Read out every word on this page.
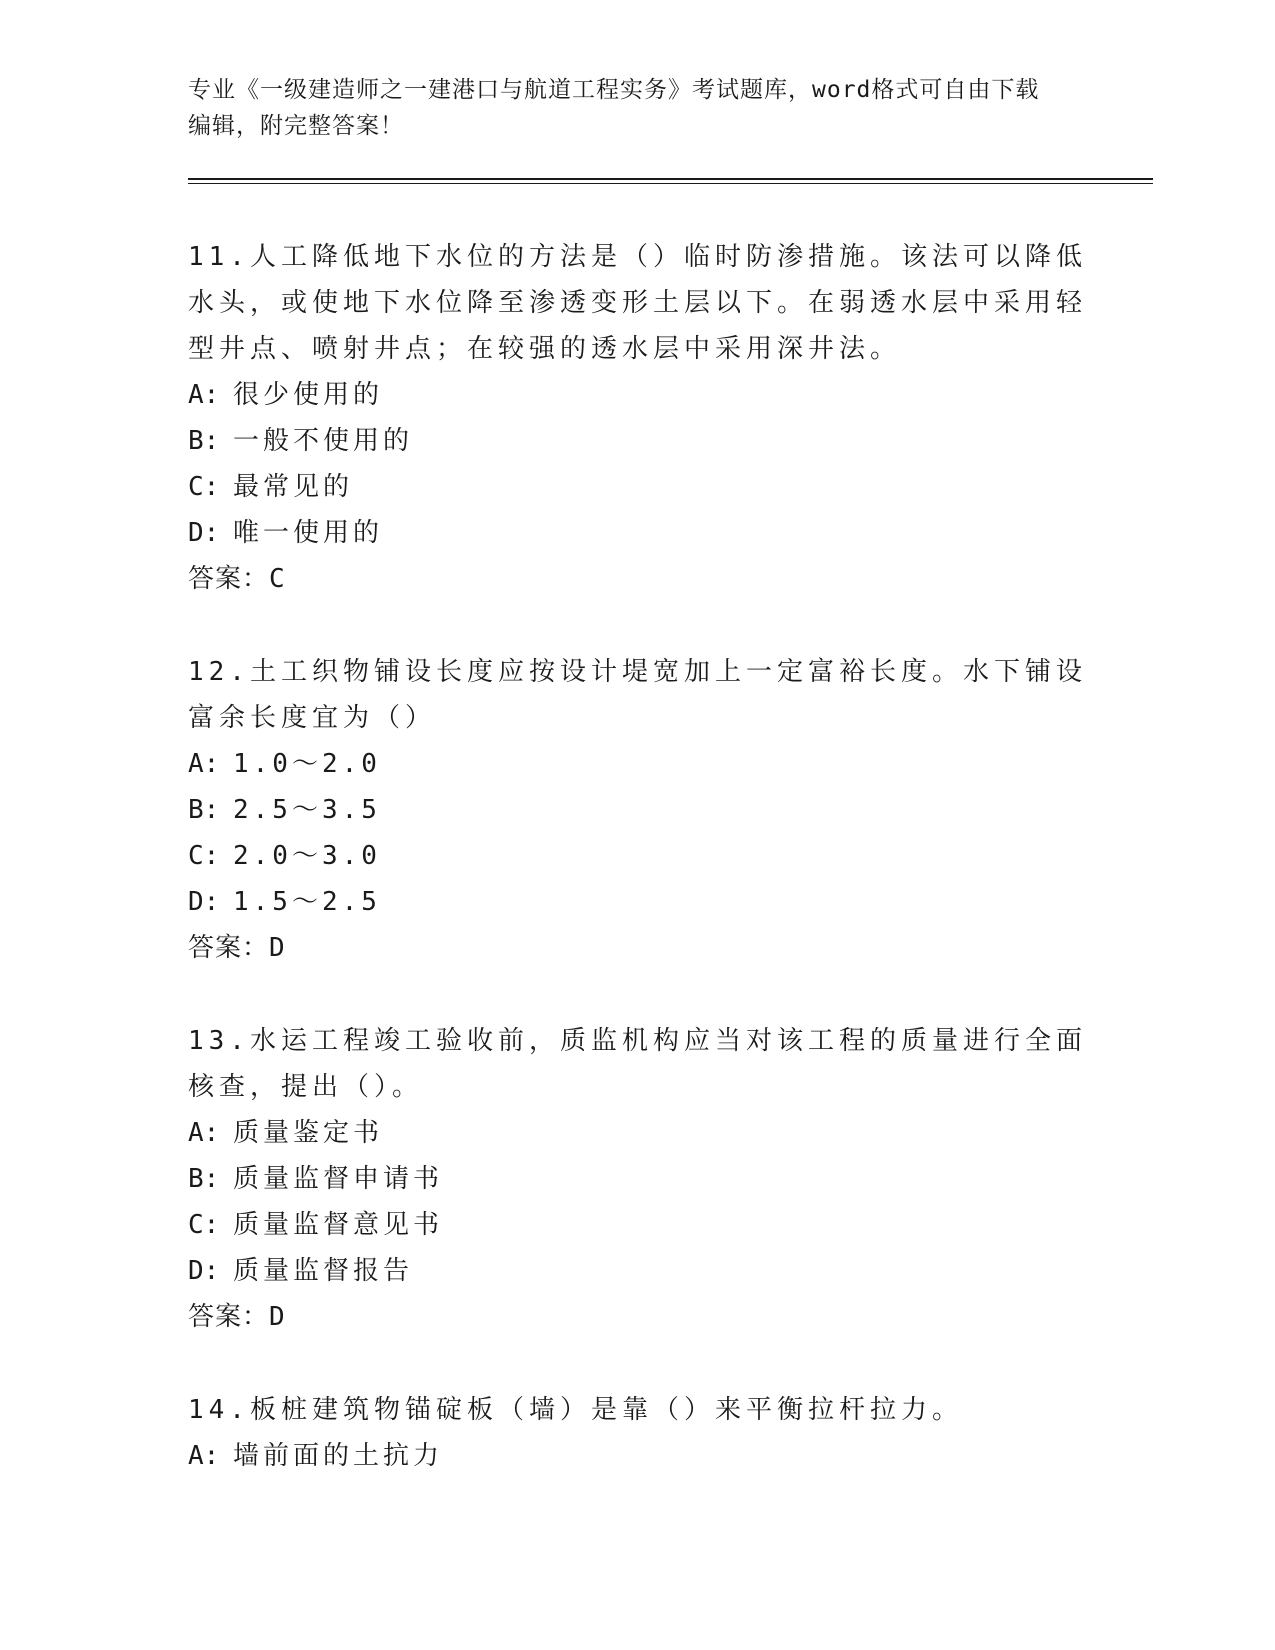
专业《一级建造师之一建港口与航道工程实务》考试题库，word格式可自由下载
编辑，附完整答案！

11.人工降低地下水位的方法是（）临时防渗措施。该法可以降低水头，或使地下水位降至渗透变形土层以下。在弱透水层中采用轻型井点、喷射井点；在较强的透水层中采用深井法。

A: 很少使用的

B: 一般不使用的

C: 最常见的

D: 唯一使用的

答案：C

12.土工织物铺设长度应按设计堤宽加上一定富裕长度。水下铺设富余长度宜为（）

A: 1.0～2.0

B: 2.5～3.5

C: 2.0～3.0

D: 1.5～2.5

答案：D

13.水运工程竣工验收前，质监机构应当对该工程的质量进行全面核查，提出（）。

A: 质量鉴定书

B: 质量监督申请书

C: 质量监督意见书

D: 质量监督报告

答案：D

14.板桩建筑物锚碇板（墙）是靠（）来平衡拉杆拉力。

A: 墙前面的土抗力
